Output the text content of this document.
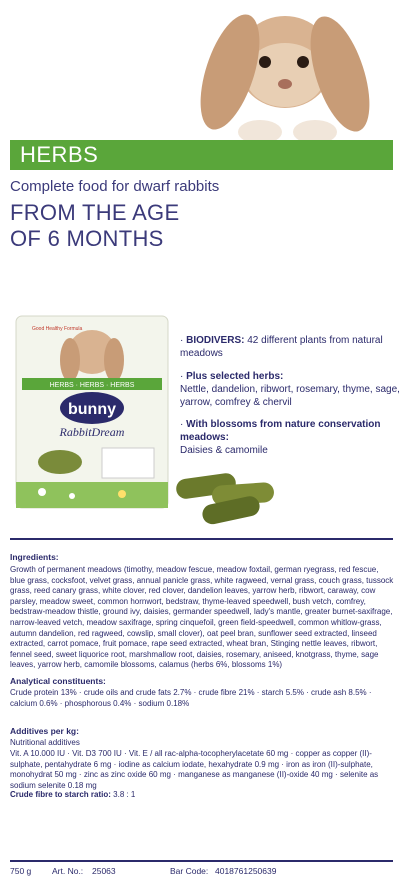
HERBS
Complete food for dwarf rabbits
FROM THE AGE
OF 6 MONTHS
HERBS · HERBS · HERBS
bunny
RabbitDream
Good Healthy Formula
· BIODIVERS: 42 different plants from natural meadows
· Plus selected herbs:
Nettle, dandelion, ribwort, rosemary, thyme, sage, yarrow, comfrey & chervil
· With blossoms from nature conservation meadows:
Daisies & camomile
Ingredients:
Growth of permanent meadows (timothy, meadow fescue, meadow foxtail, german ryegrass, red fescue, blue grass, cocksfoot, velvet grass, annual panicle grass, white ragweed, vernal grass, couch grass, tussock grass, reed canary grass, white clover, red clover, dandelion leaves, yarrow herb, ribwort, caraway, cow parsley, meadow sweet, common hornwort, bedstraw, thyme-leaved speedwell, bush vetch, comfrey, bedstraw-meadow thistle, ground ivy, daisies, germander speedwell, lady's mantle, greater burnet-saxifrage, narrow-leaved vetch, meadow saxifrage, spring cinquefoil, green field-speedwell, common whitlow-grass, autumn dandelion, red ragweed, cowslip, small clover), oat peel bran, sunflower seed extracted, linseed extracted, carrot pomace, fruit pomace, rape seed extracted, wheat bran, Stinging nettle leaves, ribwort, fennel seed, sweet liquorice root, marshmallow root, daisies, rosemary, aniseed, knotgrass, thyme, sage leaves, yarrow herb, camomile blossoms, calamus (herbs 6%, blossoms 1%)
Analytical constituents:
Crude protein 13% · crude oils and crude fats 2.7% · crude fibre 21% · starch 5.5% · crude ash 8.5% · calcium 0.6% · phosphorous 0.4% · sodium 0.18%
Additives per kg:
Nutritional additives
Vit. A 10.000 IU · Vit. D3 700 IU · Vit. E / all rac-alpha-tocopherylacetate 60 mg · copper as copper (II)-sulphate, pentahydrate 6 mg · iodine as calcium iodate, hexahydrate 0.9 mg · iron as iron (II)-sulphate, monohydrat 50 mg · zinc as zinc oxide 60 mg · manganese as manganese (II)-oxide 40 mg · selenite as sodium selenite 0.18 mg
Crude fibre to starch ratio: 3.8 : 1
750 g Art. No.: 25063	Bar Code: 4018761250639
